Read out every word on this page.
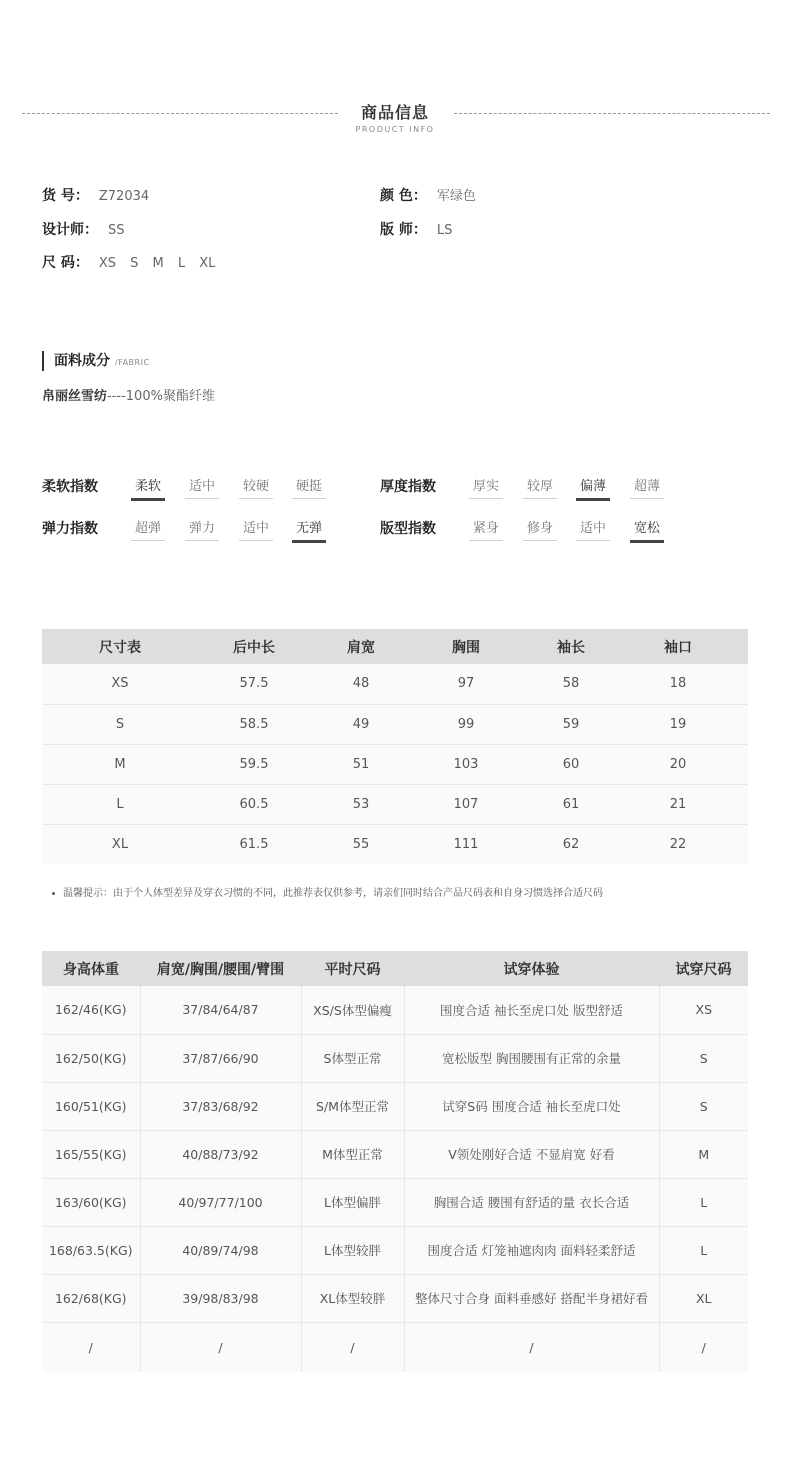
商品信息
PRODUCT INFO
货 号： Z72034	颜 色： 军绿色
设计师： SS	版 师： LS
尺 码： XS S M L XL
面料成分 /FABRIC
帛丽丝雪纺----100%聚酯纤维
柔软指数	柔软	适中	较硬	硬挺	厚度指数	厚实	较厚	偏薄	超薄
弹力指数	超弹	弹力	适中	无弹	版型指数	紧身	修身	适中	宽松
尺寸表	后中长	肩宽	胸围	袖长	袖口	
XS	57.5	48	97	58	18	
S	58.5	49	99	59	19	
M	59.5	51	103	60	20	
L	60.5	53	107	61	21	
XL	61.5	55	111	62	22	
温馨提示：由于个人体型差异及穿衣习惯的不同，此推荐表仅供参考，请亲们同时结合产品尺码表和自身习惯选择合适尺码
身高体重	肩宽/胸围/腰围/臂围	平时尺码	试穿体验	试穿尺码
162/46(KG)	37/84/64/87	XS/S体型偏瘦	围度合适 袖长至虎口处 版型舒适	XS
162/50(KG)	37/87/66/90	S体型正常	宽松版型 胸围腰围有正常的余量	S
160/51(KG)	37/83/68/92	S/M体型正常	试穿S码 围度合适 袖长至虎口处	S
165/55(KG)	40/88/73/92	M体型正常	V领处刚好合适 不显肩宽 好看	M
163/60(KG)	40/97/77/100	L体型偏胖	胸围合适 腰围有舒适的量 衣长合适	L
168/63.5(KG)	40/89/74/98	L体型较胖	围度合适 灯笼袖遮肉肉 面料轻柔舒适	L
162/68(KG)	39/98/83/98	XL体型较胖	整体尺寸合身 面料垂感好 搭配半身裙好看	XL
/	/	/	/	/
